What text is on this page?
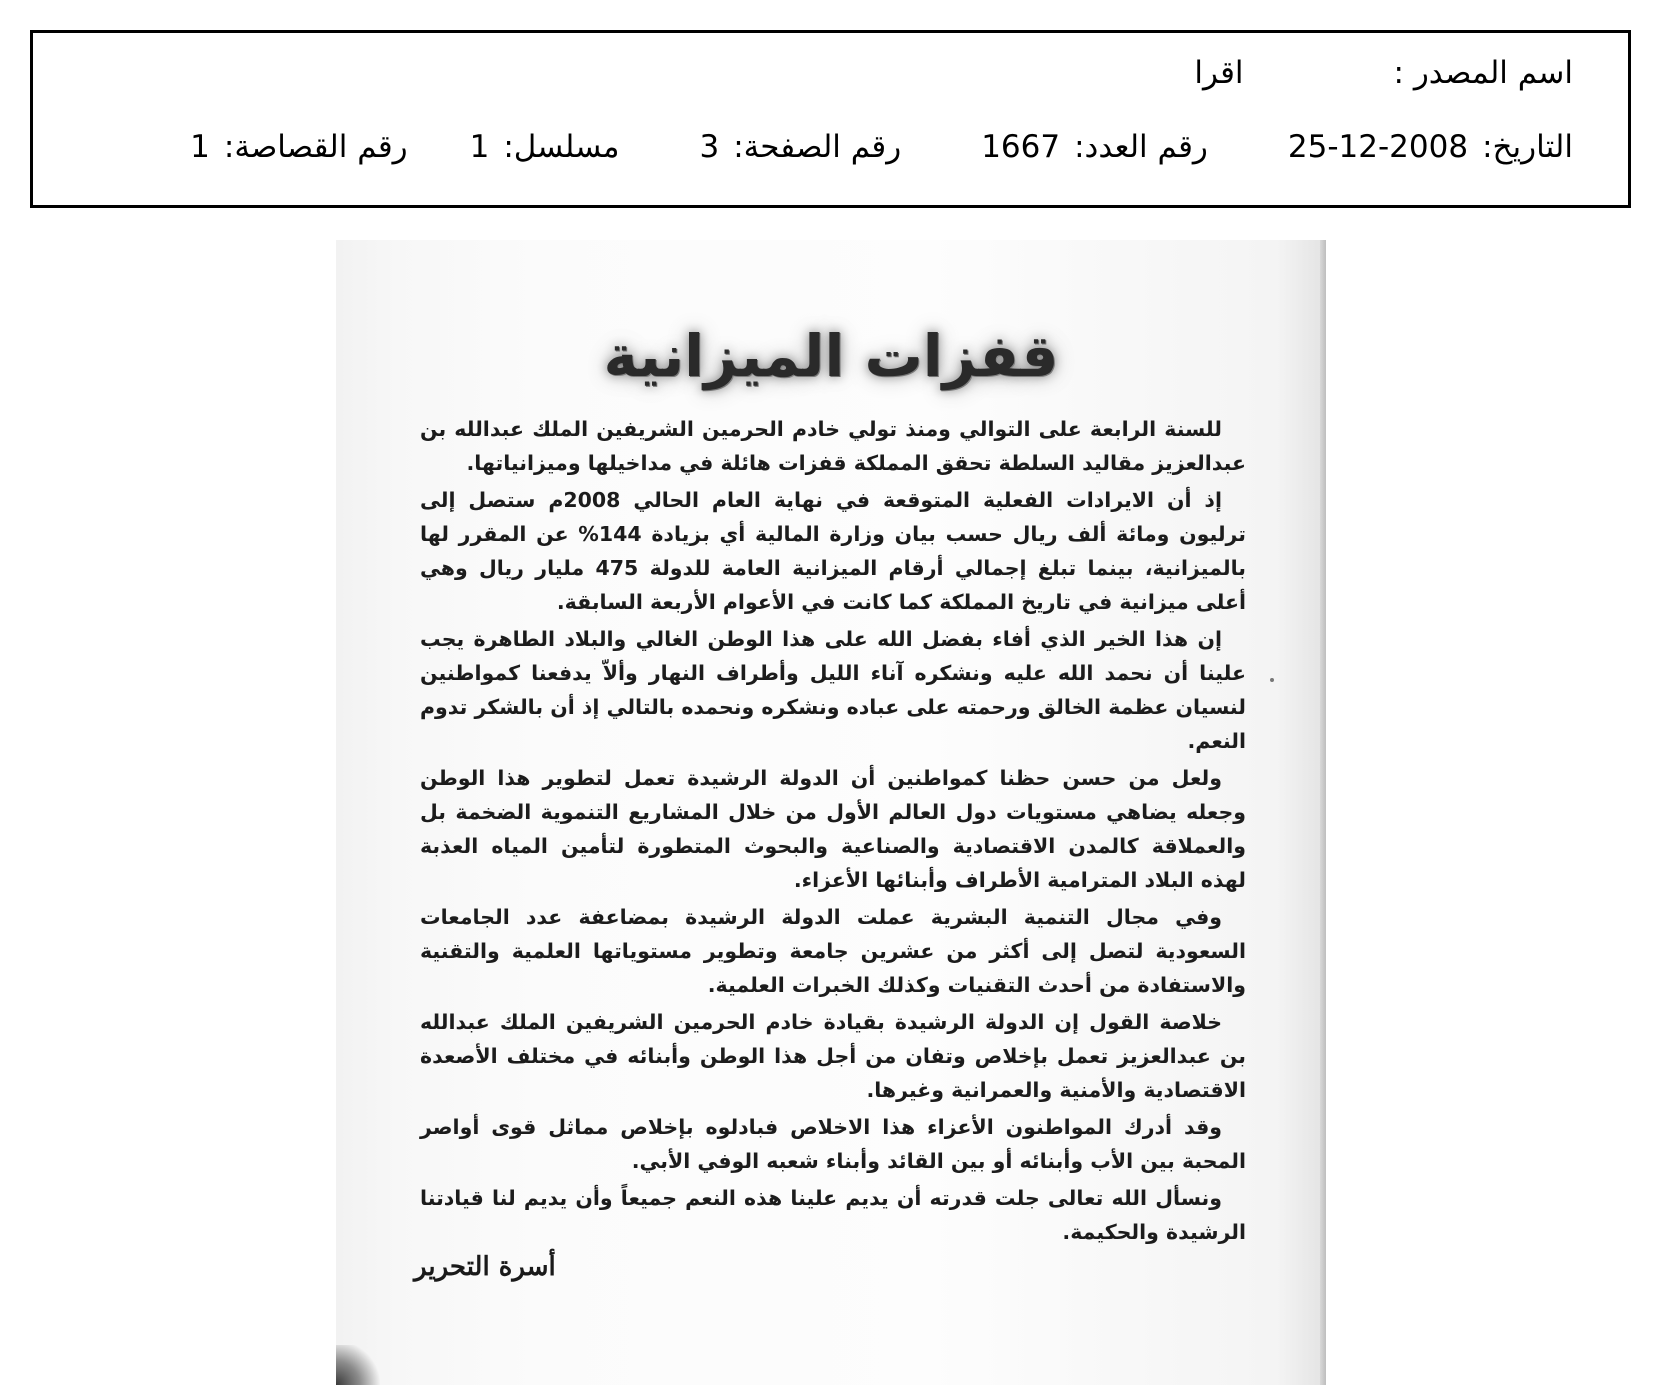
اسم المصدر :
اقرا
التاريخ:
25-12-2008
رقم العدد:
1667
رقم الصفحة:
3
مسلسل:
1
رقم القصاصة:
1
قفزات الميزانية

للسنة الرابعة على التوالي ومنذ تولي خادم الحرمين الشريفين الملك عبدالله بن عبدالعزيز مقاليد السلطة تحقق المملكة قفزات هائلة في مداخيلها وميزانياتها.

إذ أن الايرادات الفعلية المتوقعة في نهاية العام الحالي 2008م ستصل إلى ترليون ومائة ألف ريال حسب بيان وزارة المالية أي بزيادة 144% عن المقرر لها بالميزانية، بينما تبلغ إجمالي أرقام الميزانية العامة للدولة 475 مليار ريال وهي أعلى ميزانية في تاريخ المملكة كما كانت في الأعوام الأربعة السابقة.

إن هذا الخير الذي أفاء بفضل الله على هذا الوطن الغالي والبلاد الطاهرة يجب علينا أن نحمد الله عليه ونشكره آناء الليل وأطراف النهار وألاّ يدفعنا كمواطنين لنسيان عظمة الخالق ورحمته على عباده ونشكره ونحمده بالتالي إذ أن بالشكر تدوم النعم.

ولعل من حسن حظنا كمواطنين أن الدولة الرشيدة تعمل لتطوير هذا الوطن وجعله يضاهي مستويات دول العالم الأول من خلال المشاريع التنموية الضخمة بل والعملاقة كالمدن الاقتصادية والصناعية والبحوث المتطورة لتأمين المياه العذبة لهذه البلاد المترامية الأطراف وأبنائها الأعزاء.

وفي مجال التنمية البشرية عملت الدولة الرشيدة بمضاعفة عدد الجامعات السعودية لتصل إلى أكثر من عشرين جامعة وتطوير مستوياتها العلمية والتقنية والاستفادة من أحدث التقنيات وكذلك الخبرات العلمية.

خلاصة القول إن الدولة الرشيدة بقيادة خادم الحرمين الشريفين الملك عبدالله بن عبدالعزيز تعمل بإخلاص وتفان من أجل هذا الوطن وأبنائه في مختلف الأصعدة الاقتصادية والأمنية والعمرانية وغيرها.

وقد أدرك المواطنون الأعزاء هذا الاخلاص فبادلوه بإخلاص مماثل قوى أواصر المحبة بين الأب وأبنائه أو بين القائد وأبناء شعبه الوفي الأبي.

ونسأل الله تعالى جلت قدرته أن يديم علينا هذه النعم جميعاً وأن يديم لنا قيادتنا الرشيدة والحكيمة.

أسرة التحرير
